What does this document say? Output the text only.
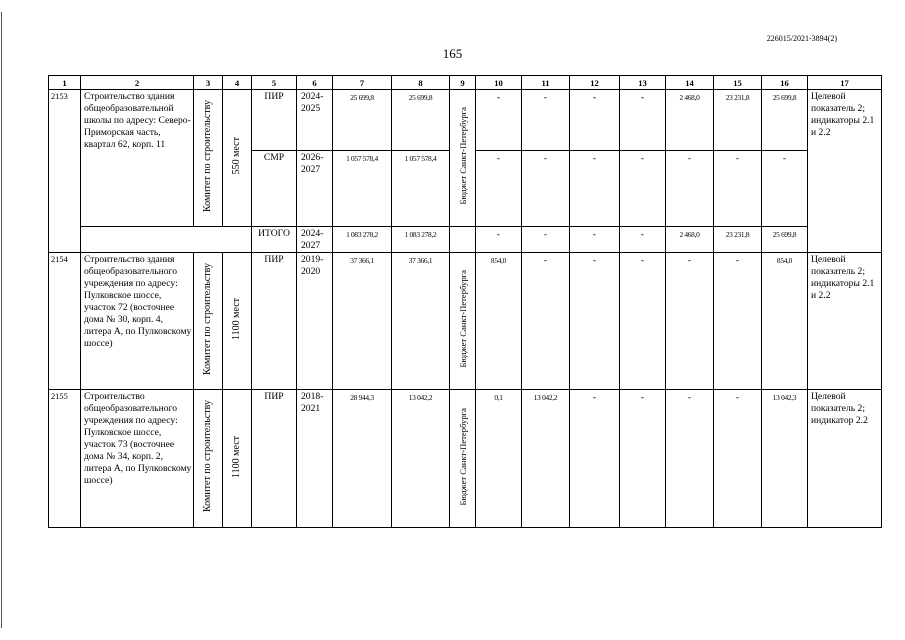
226015/2021-3894(2)
165
1	2	3	4	5	6	7	8	9	10	11	12	13	14	15	16	17
2153	Строительство здания общеобразовательной школы по адресу: Северо-Приморская часть, квартал 62, корп. 11	Комитет по строительству	550 мест	ПИР	2024-2025	25 699,8	25 699,8	Бюджет Санкт-Петербурга	-	-	-	-	2 468,0	23 231,8	25 699,8	Целевой показатель 2; индикаторы 2.1 и 2.2
				СМР	2026-2027	1 057 578,4	1 057 578,4		-	-	-	-	-	-	-	
				ИТОГО	2024-2027	1 083 278,2	1 083 278,2		-	-	-	-	2 468,0	23 231,8	25 699,8	
2154	Строительство здания общеобразовательного учреждения по адресу: Пулковское шоссе, участок 72 (восточнее дома № 30, корп. 4, литера А, по Пулковскому шоссе)	Комитет по строительству	1100 мест	ПИР	2019-2020	37 366,1	37 366,1	Бюджет Санкт-Петербурга	854,0	-	-	-	-	-	854,0	Целевой показатель 2; индикаторы 2.1 и 2.2
2155	Строительство общеобразовательного учреждения по адресу: Пулковское шоссе, участок 73 (восточнее дома № 34, корп. 2, литера А, по Пулковскому шоссе)	Комитет по строительству	1100 мест	ПИР	2018-2021	28 944,3	13 042,2	Бюджет Санкт-Петербурга	0,1	13 042,2	-	-	-	-	13 042,3	Целевой показатель 2; индикатор 2.2
